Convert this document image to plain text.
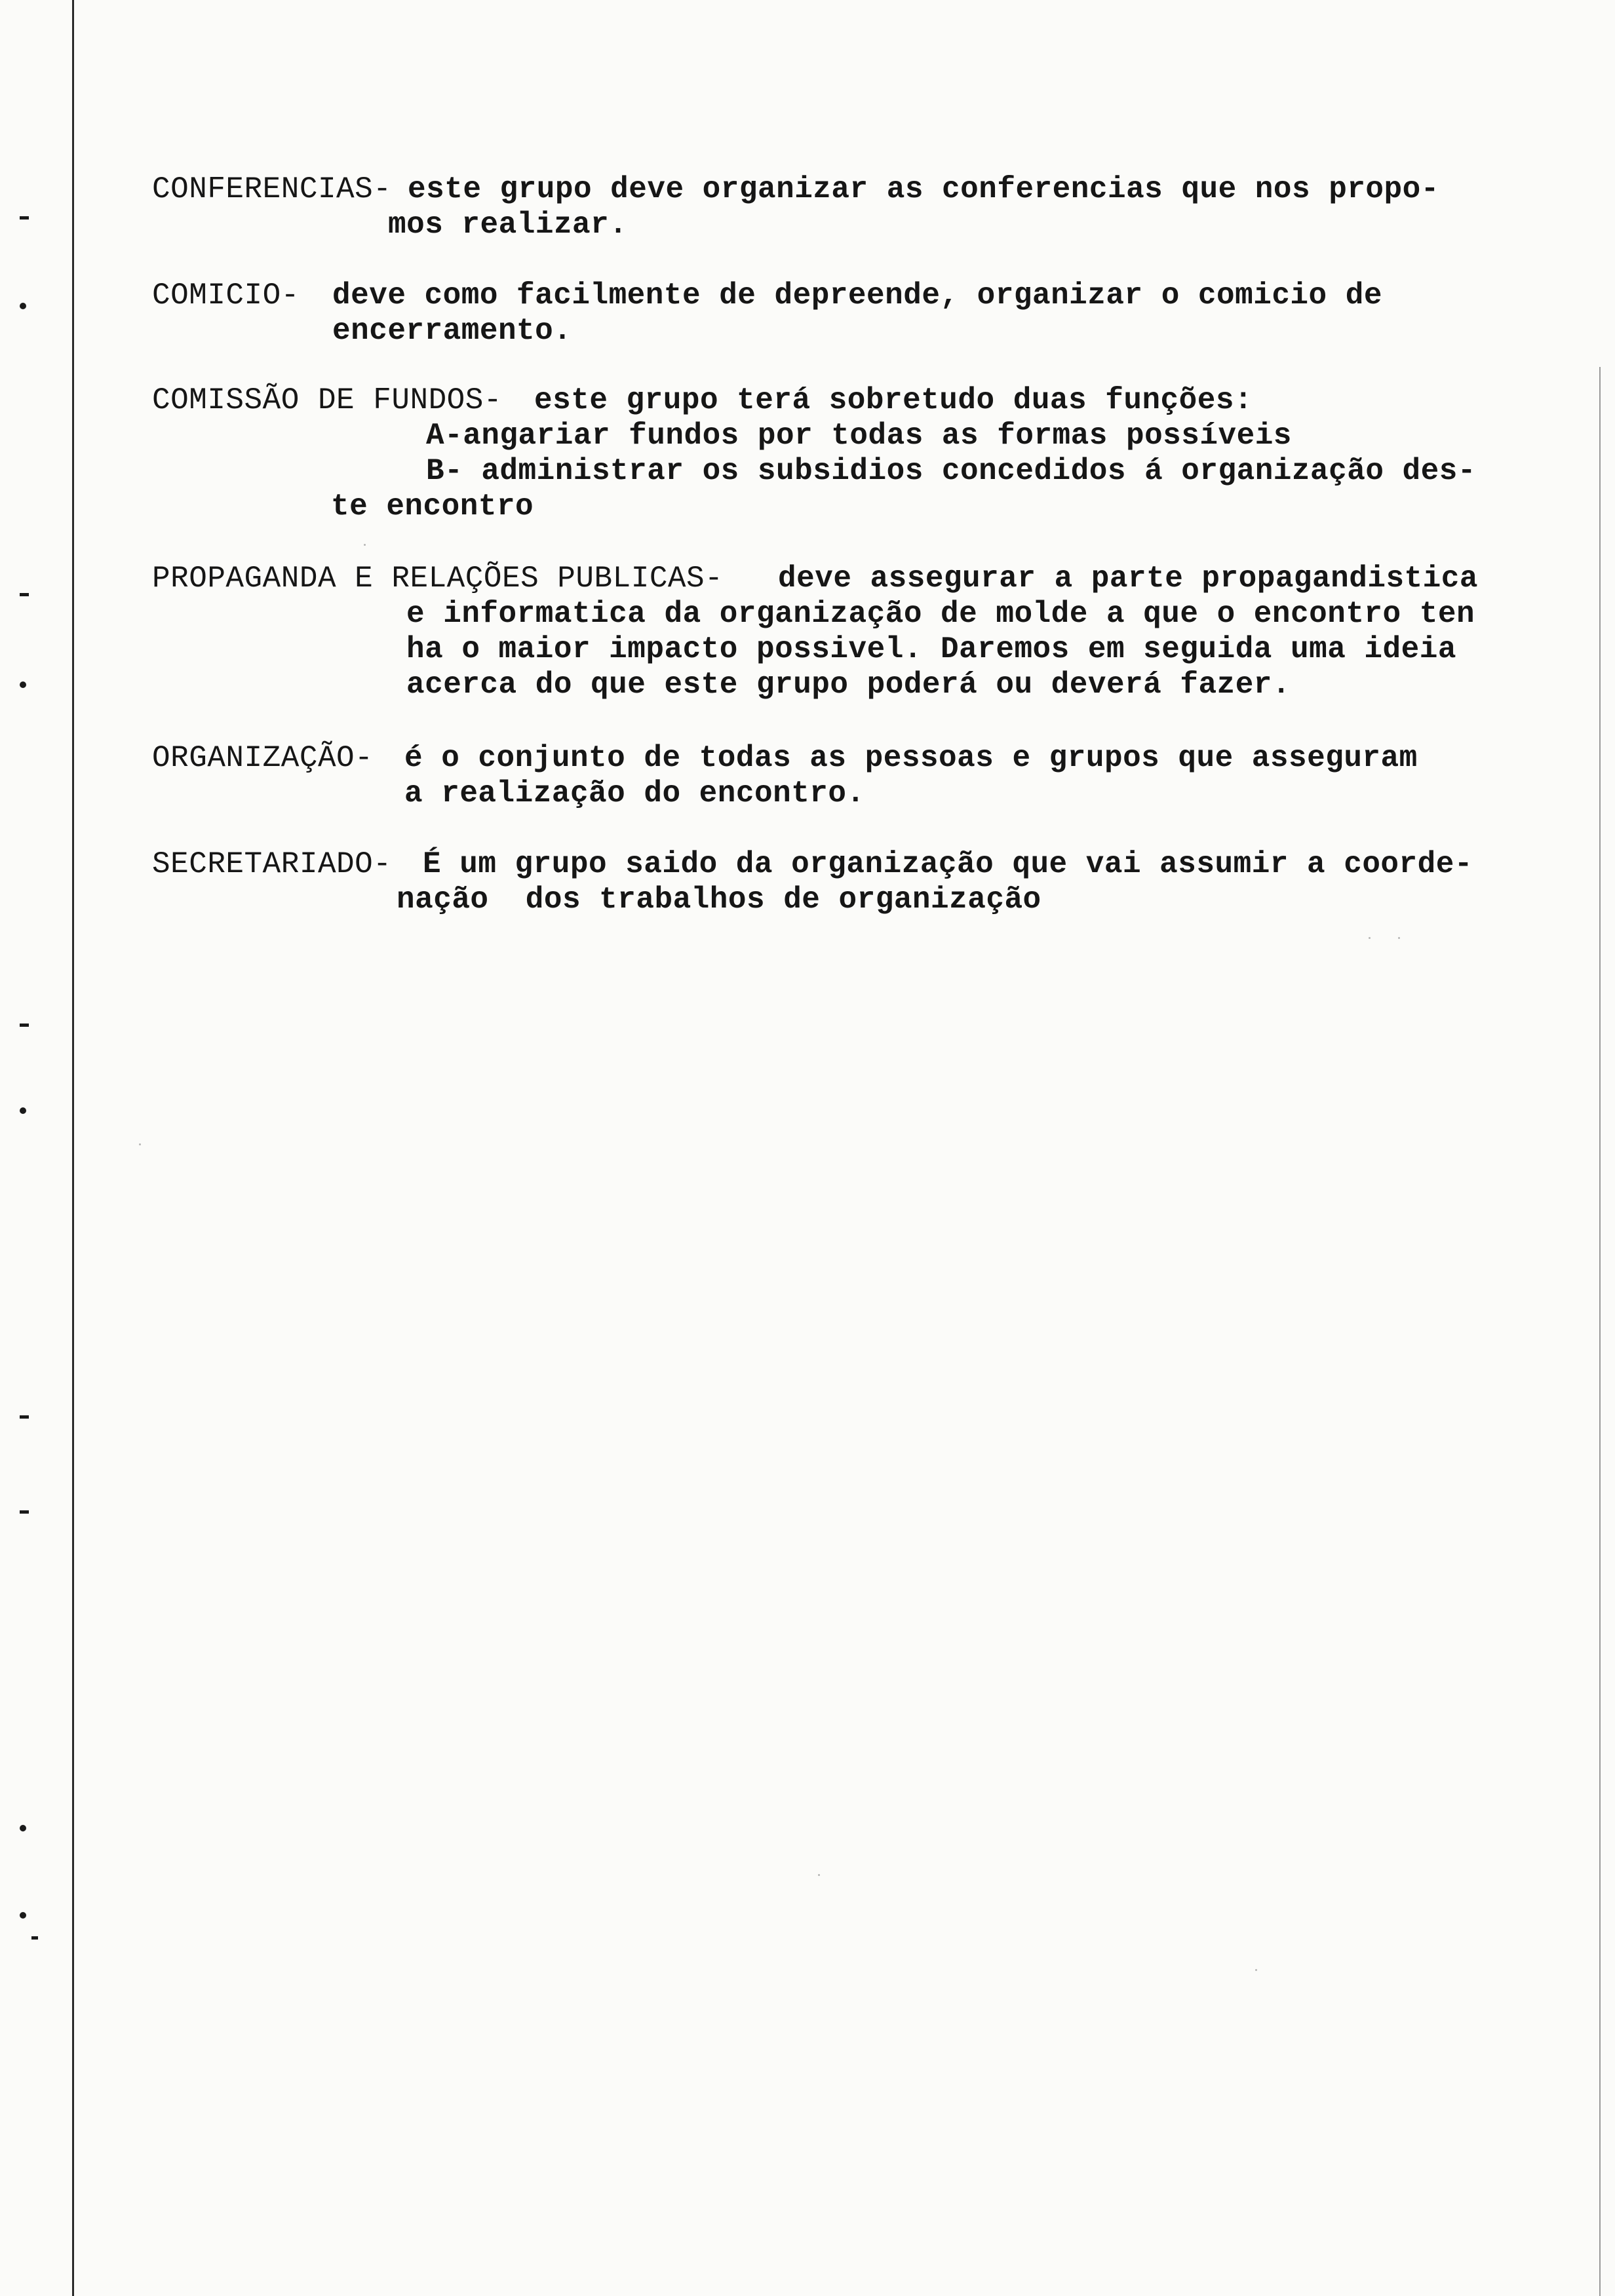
CONFERENCIAS- este grupo deve organizar as conferencias que nos propo-

mos realizar.

COMICIO- deve como facilmente de depreende, organizar o comicio de

encerramento.

COMISSÃO DE FUNDOS- este grupo terá sobretudo duas funções:

A-angariar fundos por todas as formas possíveis

B- administrar os subsidios concedidos á organização des-

te encontro

PROPAGANDA E RELAÇÕES PUBLICAS- deve assegurar a parte propagandistica

e informatica da organização de molde a que o encontro ten

ha o maior impacto possivel. Daremos em seguida uma ideia

acerca do que este grupo poderá ou deverá fazer.

ORGANIZAÇÃO- é o conjunto de todas as pessoas e grupos que asseguram

a realização do encontro.

SECRETARIADO- É um grupo saido da organização que vai assumir a coorde-

nação  dos trabalhos de organização
